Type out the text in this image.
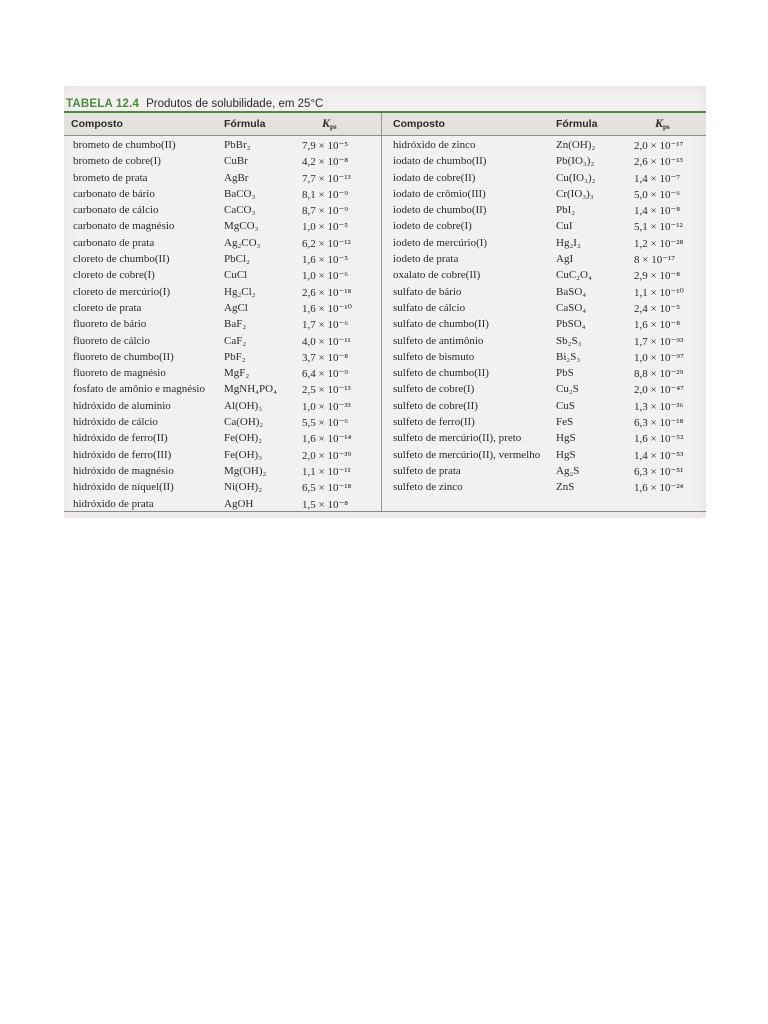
TABELA 12.4 Produtos de solubilidade, em 25°C
Composto	Fórmula	$K_{ps}$
brometo de chumbo(II)	PbBr₂	7,9 × 10⁻⁵
brometo de cobre(I)	CuBr	4,2 × 10⁻⁸
brometo de prata	AgBr	7,7 × 10⁻¹³
carbonato de bário	BaCO₃	8,1 × 10⁻⁹
carbonato de cálcio	CaCO₃	8,7 × 10⁻⁹
carbonato de magnésio	MgCO₃	1,0 × 10⁻⁵
carbonato de prata	Ag₂CO₃	6,2 × 10⁻¹²
cloreto de chumbo(II)	PbCl₂	1,6 × 10⁻⁵
cloreto de cobre(I)	CuCl	1,0 × 10⁻⁶
cloreto de mercúrio(I)	Hg₂Cl₂	2,6 × 10⁻¹⁸
cloreto de prata	AgCl	1,6 × 10⁻¹⁰
fluoreto de bário	BaF₂	1,7 × 10⁻⁶
fluoreto de cálcio	CaF₂	4,0 × 10⁻¹¹
fluoreto de chumbo(II)	PbF₂	3,7 × 10⁻⁸
fluoreto de magnésio	MgF₂	6,4 × 10⁻⁹
fosfato de amônio e magnésio MgNH₄PO₄ 2,5 × 10⁻¹³
hidróxido de alumínio	Al(OH)₃	1,0 × 10⁻³³
hidróxido de cálcio	Ca(OH)₂	5,5 × 10⁻⁶
hidróxido de ferro(II)	Fe(OH)₂	1,6 × 10⁻¹⁴
hidróxido de ferro(III)	Fe(OH)₃	2,0 × 10⁻³⁹
hidróxido de magnésio	Mg(OH)₂	1,1 × 10⁻¹¹
hidróxido de níquel(II)	Ni(OH)₂	6,5 × 10⁻¹⁸
hidróxido de prata	AgOH	1,5 × 10⁻⁸
Composto	Fórmula	$K_{ps}$
hidróxido de zinco	Zn(OH)₂	2,0 × 10⁻¹⁷
iodato de chumbo(II)	Pb(IO₃)₂	2,6 × 10⁻¹³
iodato de cobre(II)	Cu(IO₃)₂	1,4 × 10⁻⁷
iodato de crômio(III)	Cr(IO₃)₃	5,0 × 10⁻⁶
iodeto de chumbo(II)	PbI₂	1,4 × 10⁻⁸
iodeto de cobre(I)	CuI	5,1 × 10⁻¹²
iodeto de mercúrio(I)	Hg₂I₂	1,2 × 10⁻²⁸
iodeto de prata	AgI	8 × 10⁻¹⁷
oxalato de cobre(II)	CuC₂O₄	2,9 × 10⁻⁸
sulfato de bário	BaSO₄	1,1 × 10⁻¹⁰
sulfato de cálcio	CaSO₄	2,4 × 10⁻⁵
sulfato de chumbo(II)	PbSO₄	1,6 × 10⁻⁸
sulfeto de antimônio	Sb₂S₃	1,7 × 10⁻⁹³
sulfeto de bismuto	Bi₂S₃	1,0 × 10⁻⁹⁷
sulfeto de chumbo(II)	PbS	8,8 × 10⁻²⁹
sulfeto de cobre(I)	Cu₂S	2,0 × 10⁻⁴⁷
sulfeto de cobre(II)	CuS	1,3 × 10⁻³⁶
sulfeto de ferro(II)	FeS	6,3 × 10⁻¹⁸
sulfeto de mercúrio(II), preto	HgS	1,6 × 10⁻⁵²
sulfeto de mercúrio(II), vermelho HgS	1,4 × 10⁻⁵³
sulfeto de prata	Ag₂S	6,3 × 10⁻⁵¹
sulfeto de zinco	ZnS	1,6 × 10⁻²⁴
